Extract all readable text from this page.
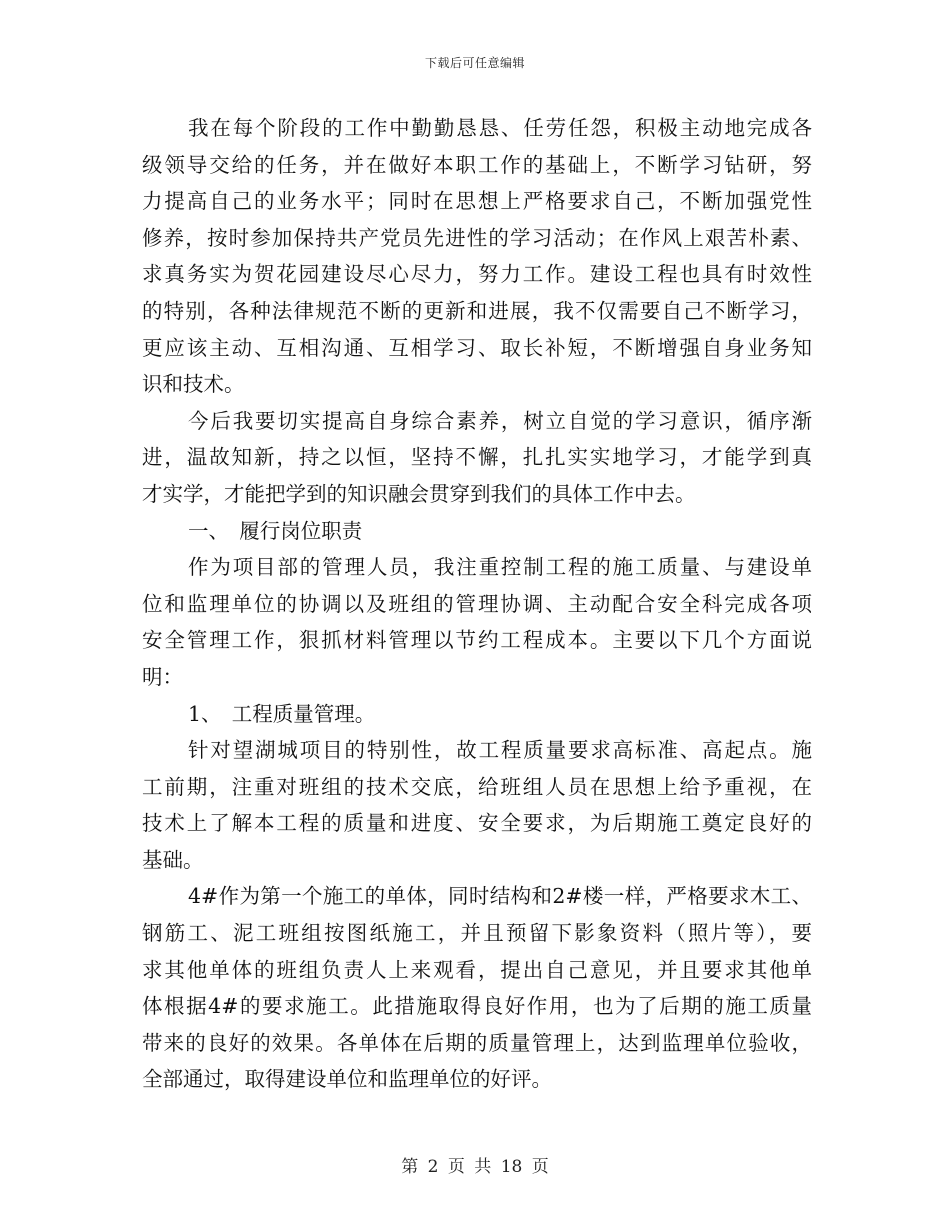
下载后可任意编辑
我在每个阶段的工作中勤勤恳恳、任劳任怨，积极主动地完成各
级领导交给的任务，并在做好本职工作的基础上，不断学习钻研，努
力提高自己的业务水平；同时在思想上严格要求自己，不断加强党性
修养，按时参加保持共产党员先进性的学习活动；在作风上艰苦朴素、
求真务实为贺花园建设尽心尽力，努力工作。建设工程也具有时效性
的特别，各种法律规范不断的更新和进展，我不仅需要自己不断学习，
更应该主动、互相沟通、互相学习、取长补短，不断增强自身业务知
识和技术。
今后我要切实提高自身综合素养，树立自觉的学习意识，循序渐
进，温故知新，持之以恒，坚持不懈，扎扎实实地学习，才能学到真
才实学，才能把学到的知识融会贯穿到我们的具体工作中去。
一、　履行岗位职责
作为项目部的管理人员，我注重控制工程的施工质量、与建设单
位和监理单位的协调以及班组的管理协调、主动配合安全科完成各项
安全管理工作，狠抓材料管理以节约工程成本。主要以下几个方面说
明：
1、　工程质量管理。
针对望湖城项目的特别性，故工程质量要求高标准、高起点。施
工前期，注重对班组的技术交底，给班组人员在思想上给予重视，在
技术上了解本工程的质量和进度、安全要求，为后期施工奠定良好的
基础。
4#作为第一个施工的单体，同时结构和2#楼一样，严格要求木工、
钢筋工、泥工班组按图纸施工，并且预留下影象资料（照片等），要
求其他单体的班组负责人上来观看，提出自己意见，并且要求其他单
体根据4#的要求施工。此措施取得良好作用，也为了后期的施工质量
带来的良好的效果。各单体在后期的质量管理上，达到监理单位验收，
全部通过，取得建设单位和监理单位的好评。
第 2 页 共 18 页
